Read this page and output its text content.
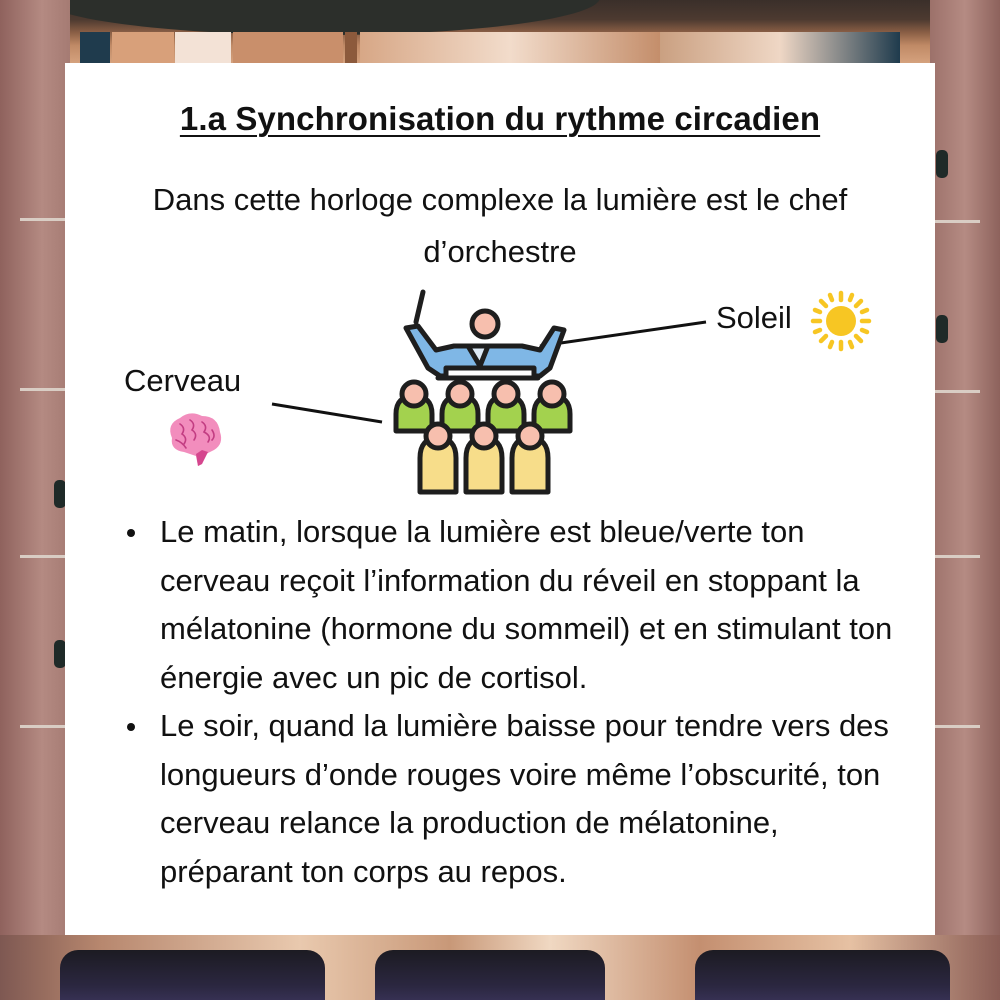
1.a Synchronisation du rythme circadien
Dans cette horloge complexe la lumière est le chef d’orchestre
Soleil
Cerveau
Le matin, lorsque la lumière est bleue/verte ton cerveau reçoit l’information du réveil en stoppant la mélatonine (hormone du sommeil) et en stimulant ton énergie avec un pic de cortisol.
Le soir, quand la lumière baisse pour tendre vers des longueurs d’onde rouges voire même l’obscurité, ton cerveau relance la production de mélatonine, préparant ton corps au repos.
